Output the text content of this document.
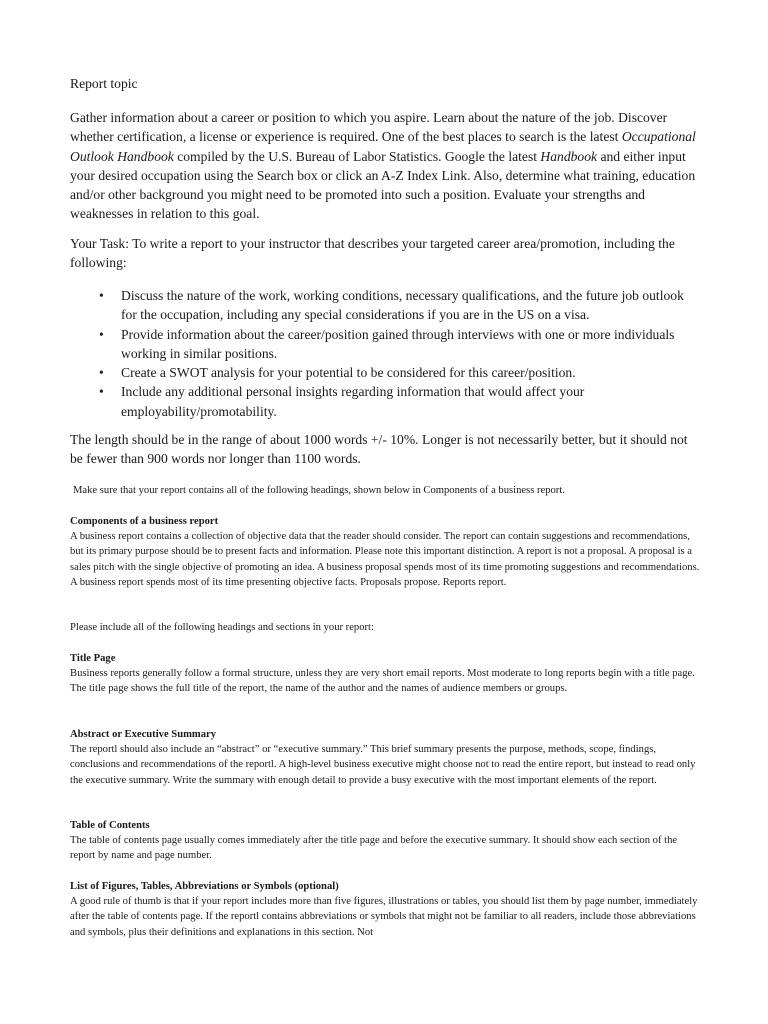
Report topic

Gather information about a career or position to which you aspire. Learn about the nature of the job. Discover whether certification, a license or experience is required. One of the best places to search is the latest Occupational Outlook Handbook compiled by the U.S. Bureau of Labor Statistics. Google the latest Handbook and either input your desired occupation using the Search box or click an A-Z Index Link. Also, determine what training, education and/or other background you might need to be promoted into such a position. Evaluate your strengths and weaknesses in relation to this goal.

Your Task: To write a report to your instructor that describes your targeted career area/promotion, including the following:

• Discuss the nature of the work, working conditions, necessary qualifications, and the future job outlook for the occupation, including any special considerations if you are in the US on a visa.
• Provide information about the career/position gained through interviews with one or more individuals working in similar positions.
• Create a SWOT analysis for your potential to be considered for this career/position.
• Include any additional personal insights regarding information that would affect your employability/promotability.

The length should be in the range of about 1000 words +/- 10%. Longer is not necessarily better, but it should not be fewer than 900 words nor longer than 1100 words.

Make sure that your report contains all of the following headings, shown below in Components of a business report.

Components of a business report

A business report contains a collection of objective data that the reader should consider. The report can contain suggestions and recommendations, but its primary purpose should be to present facts and information. Please note this important distinction. A report is not a proposal. A proposal is a sales pitch with the single objective of promoting an idea. A business proposal spends most of its time promoting suggestions and recommendations. A business report spends most of its time presenting objective facts. Proposals propose. Reports report.

Please include all of the following headings and sections in your report:

Title Page

Business reports generally follow a formal structure, unless they are very short email reports. Most moderate to long reports begin with a title page. The title page shows the full title of the report, the name of the author and the names of audience members or groups.

Abstract or Executive Summary

The reportl should also include an “abstract” or “executive summary.” This brief summary presents the purpose, methods, scope, findings, conclusions and recommendations of the reportl. A high-level business executive might choose not to read the entire report, but instead to read only the executive summary. Write the summary with enough detail to provide a busy executive with the most important elements of the report.

Table of Contents

The table of contents page usually comes immediately after the title page and before the executive summary. It should show each section of the report by name and page number.

List of Figures, Tables, Abbreviations or Symbols (optional)

A good rule of thumb is that if your report includes more than five figures, illustrations or tables, you should list them by page number, immediately after the table of contents page. If the reportl contains abbreviations or symbols that might not be familiar to all readers, include those abbreviations and symbols, plus their definitions and explanations in this section. Not
